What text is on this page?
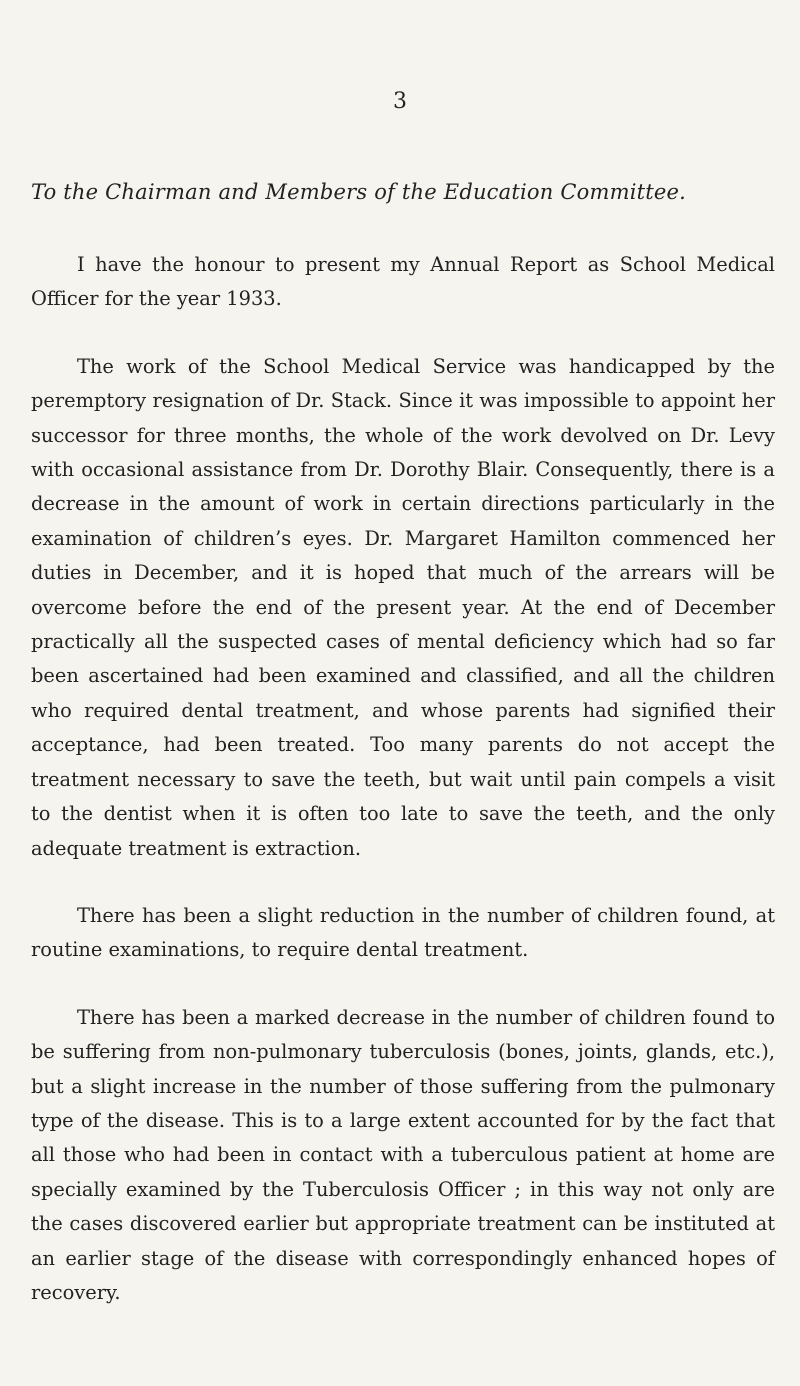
3
To the Chairman and Members of the Education Committee.

I have the honour to present my Annual Report as School Medical Officer for the year 1933.

The work of the School Medical Service was handicapped by the peremptory resignation of Dr. Stack. Since it was impossible to appoint her successor for three months, the whole of the work devolved on Dr. Levy with occasional assistance from Dr. Dorothy Blair. Consequently, there is a decrease in the amount of work in certain directions particularly in the examination of children’s eyes. Dr. Margaret Hamilton commenced her duties in December, and it is hoped that much of the arrears will be overcome before the end of the present year. At the end of December practically all the suspected cases of mental deficiency which had so far been ascertained had been examined and classified, and all the children who required dental treatment, and whose parents had signified their acceptance, had been treated. Too many parents do not accept the treatment necessary to save the teeth, but wait until pain compels a visit to the dentist when it is often too late to save the teeth, and the only adequate treatment is extraction.

There has been a slight reduction in the number of children found, at routine examinations, to require dental treatment.

There has been a marked decrease in the number of children found to be suffering from non-pulmonary tuberculosis (bones, joints, glands, etc.), but a slight increase in the number of those suffering from the pulmonary type of the disease. This is to a large extent accounted for by the fact that all those who had been in contact with a tuberculous patient at home are specially examined by the Tuberculosis Officer ; in this way not only are the cases discovered earlier but appropriate treatment can be instituted at an earlier stage of the disease with correspondingly enhanced hopes of recovery.
